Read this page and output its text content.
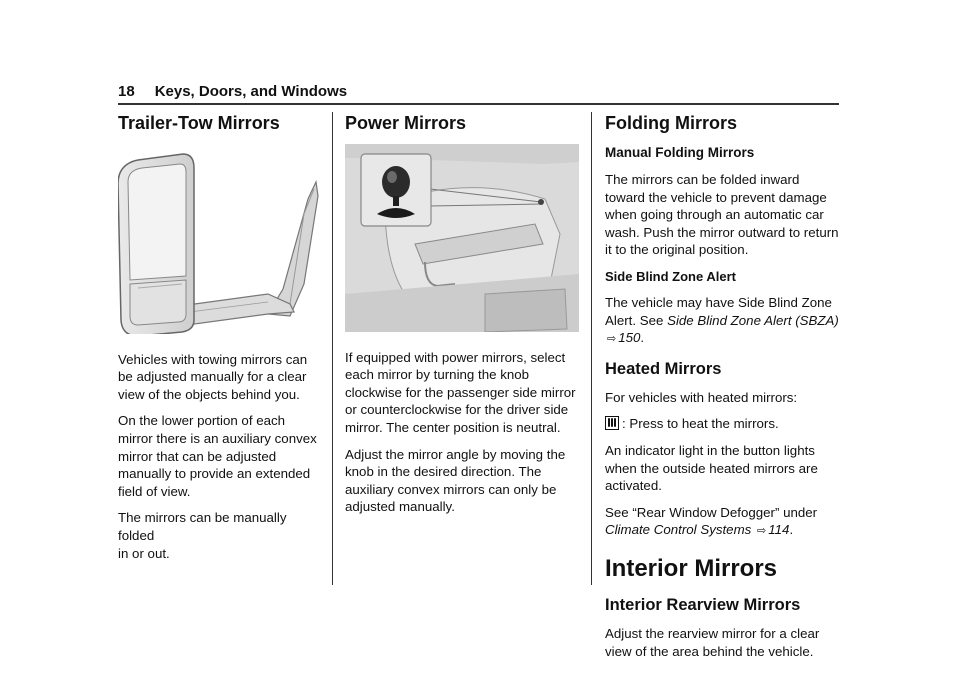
18 Keys, Doors, and Windows
Trailer-Tow Mirrors

Vehicles with towing mirrors can be adjusted manually for a clear view of the objects behind you.

On the lower portion of each mirror there is an auxiliary convex mirror that can be adjusted manually to provide an extended field of view.

The mirrors can be manually folded
in or out.

Power Mirrors

If equipped with power mirrors, select each mirror by turning the knob clockwise for the passenger side mirror or counterclockwise for the driver side mirror. The center position is neutral.

Adjust the mirror angle by moving the knob in the desired direction. The auxiliary convex mirrors can only be adjusted manually.

Folding Mirrors
Manual Folding Mirrors

The mirrors can be folded inward toward the vehicle to prevent damage when going through an automatic car wash. Push the mirror outward to return it to the original position.

Side Blind Zone Alert

The vehicle may have Side Blind Zone Alert. See Side Blind Zone Alert (SBZA) ⇨ 150.

Heated Mirrors

For vehicles with heated mirrors:

: Press to heat the mirrors.

An indicator light in the button lights when the outside heated mirrors are activated.

See “Rear Window Defogger” under Climate Control Systems ⇨ 114.

Interior Mirrors
Interior Rearview Mirrors

Adjust the rearview mirror for a clear view of the area behind the vehicle.
